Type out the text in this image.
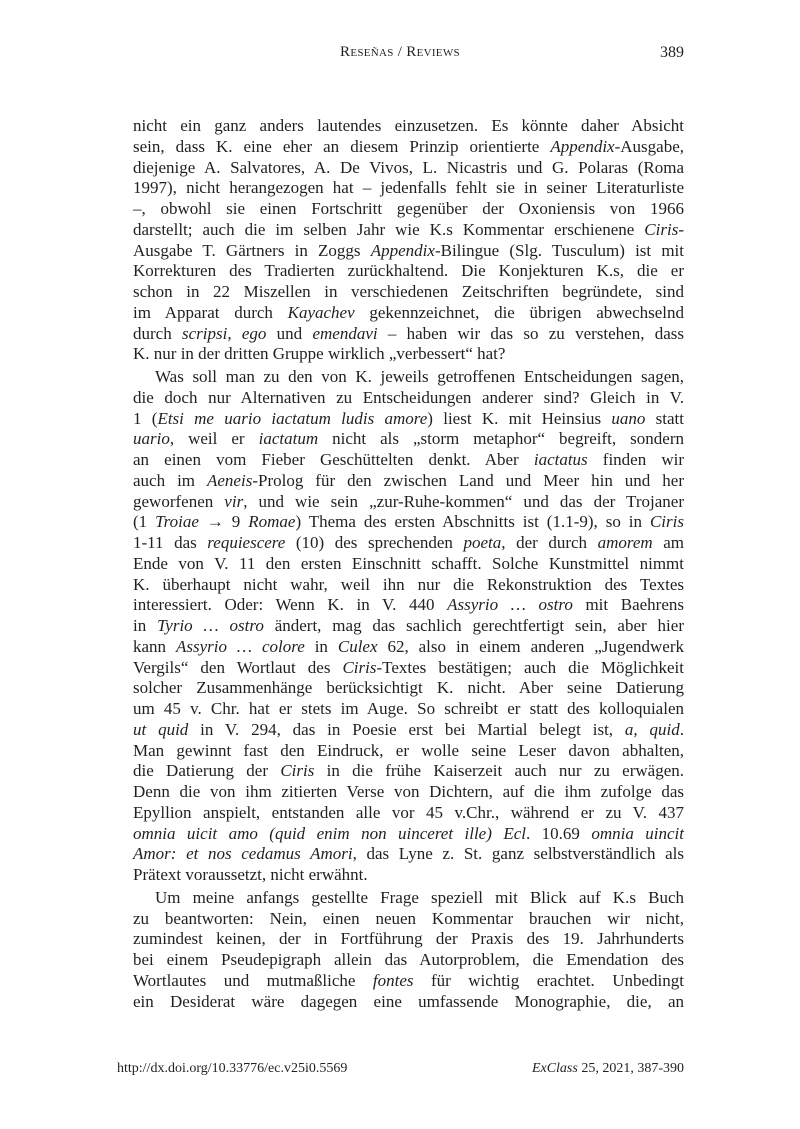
Reseñas / Reviews	389
nicht ein ganz anders lautendes einzusetzen. Es könnte daher Absicht
sein, dass K. eine eher an diesem Prinzip orientierte Appendix-Ausgabe,
diejenige A. Salvatores, A. De Vivos, L. Nicastris und G. Polaras (Roma
1997), nicht herangezogen hat – jedenfalls fehlt sie in seiner Literaturliste
–, obwohl sie einen Fortschritt gegenüber der Oxoniensis von 1966
darstellt; auch die im selben Jahr wie K.s Kommentar erschienene Ciris-
Ausgabe T. Gärtners in Zoggs Appendix-Bilingue (Slg. Tusculum) ist mit
Korrekturen des Tradierten zurückhaltend. Die Konjekturen K.s, die er
schon in 22 Miszellen in verschiedenen Zeitschriften begründete, sind
im Apparat durch Kayachev gekennzeichnet, die übrigen abwechselnd
durch scripsi, ego und emendavi – haben wir das so zu verstehen, dass
K. nur in der dritten Gruppe wirklich „verbessert“ hat?
Was soll man zu den von K. jeweils getroffenen Entscheidungen sagen,
die doch nur Alternativen zu Entscheidungen anderer sind? Gleich in V.
1 (Etsi me uario iactatum ludis amore) liest K. mit Heinsius uano statt
uario, weil er iactatum nicht als „storm metaphor“ begreift, sondern
an einen vom Fieber Geschüttelten denkt. Aber iactatus finden wir
auch im Aeneis-Prolog für den zwischen Land und Meer hin und her
geworfenen vir, und wie sein „zur-Ruhe-kommen“ und das der Trojaner
(1 Troiae → 9 Romae) Thema des ersten Abschnitts ist (1.1-9), so in Ciris
1-11 das requiescere (10) des sprechenden poeta, der durch amorem am
Ende von V. 11 den ersten Einschnitt schafft. Solche Kunstmittel nimmt
K. überhaupt nicht wahr, weil ihn nur die Rekonstruktion des Textes
interessiert. Oder: Wenn K. in V. 440 Assyrio … ostro mit Baehrens
in Tyrio … ostro ändert, mag das sachlich gerechtfertigt sein, aber hier
kann Assyrio … colore in Culex 62, also in einem anderen „Jugendwerk
Vergils“ den Wortlaut des Ciris-Textes bestätigen; auch die Möglichkeit
solcher Zusammenhänge berücksichtigt K. nicht. Aber seine Datierung
um 45 v. Chr. hat er stets im Auge. So schreibt er statt des kolloquialen
ut quid in V. 294, das in Poesie erst bei Martial belegt ist, a, quid.
Man gewinnt fast den Eindruck, er wolle seine Leser davon abhalten,
die Datierung der Ciris in die frühe Kaiserzeit auch nur zu erwägen.
Denn die von ihm zitierten Verse von Dichtern, auf die ihm zufolge das
Epyllion anspielt, entstanden alle vor 45 v.Chr., während er zu V. 437
omnia uicit amo (quid enim non uinceret ille) Ecl. 10.69 omnia uincit
Amor: et nos cedamus Amori, das Lyne z. St. ganz selbstverständlich als
Prätext voraussetzt, nicht erwähnt.
Um meine anfangs gestellte Frage speziell mit Blick auf K.s Buch
zu beantworten: Nein, einen neuen Kommentar brauchen wir nicht,
zumindest keinen, der in Fortführung der Praxis des 19. Jahrhunderts
bei einem Pseudepigraph allein das Autorproblem, die Emendation des
Wortlautes und mutmaßliche fontes für wichtig erachtet. Unbedingt
ein Desiderat wäre dagegen eine umfassende Monographie, die, an
http://dx.doi.org/10.33776/ec.v25i0.5569	ExClass 25, 2021, 387-390
